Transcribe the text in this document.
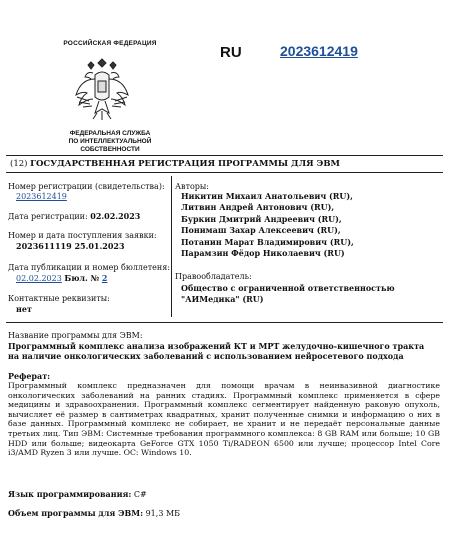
РОССИЙСКАЯ ФЕДЕРАЦИЯ
ФЕДЕРАЛЬНАЯ СЛУЖБА
ПО ИНТЕЛЛЕКТУАЛЬНОЙ СОБСТВЕННОСТИ
RU	2023612419
(12) ГОСУДАРСТВЕННАЯ РЕГИСТРАЦИЯ ПРОГРАММЫ ДЛЯ ЭВМ
Номер регистрации (свидетельства):
2023612419
Дата регистрации: 02.02.2023
Номер и дата поступления заявки:
2023611119 25.01.2023
Дата публикации и номер бюллетеня:
02.02.2023 Бюл. № 2
Контактные реквизиты:
нет
Авторы:
Никитин Михаил Анатольевич (RU),
Литвин Андрей Антонович (RU),
Буркин Дмитрий Андреевич (RU),
Понимаш Захар Алексеевич (RU),
Потанин Марат Владимирович (RU),
Парамзин Фёдор Николаевич (RU)
Правообладатель:
Общество с ограниченной ответственностью
"АИМедика" (RU)
Название программы для ЭВМ:
Программный комплекс анализа изображений КТ и МРТ желудочно-кишечного тракта
на наличие онкологических заболеваний с использованием нейросетевого подхода
Реферат:
Программный комплекс предназначен для помощи врачам в неинвазивной диагностике онкологических заболеваний на ранних стадиях. Программный комплекс применяется в сфере медицины и здравоохранения. Программный комплекс сегментирует найденную раковую опухоль, вычисляет её размер в сантиметрах квадратных, хранит полученные снимки и информацию о них в базе данных. Программный комплекс не собирает, не хранит и не передаёт персональные данные третьих лиц. Тип ЭВМ: Системные требования программного комплекса: 8 GB RAM или больше; 10 GB HDD или больше; видеокарта GeForce GTX 1050 Ti/RADEON 6500 или лучше; процессор Intel Core i3/AMD Ryzen 3 или лучше. ОС: Windows 10.
Язык программирования: C#
Объем программы для ЭВМ: 91,3 МБ
